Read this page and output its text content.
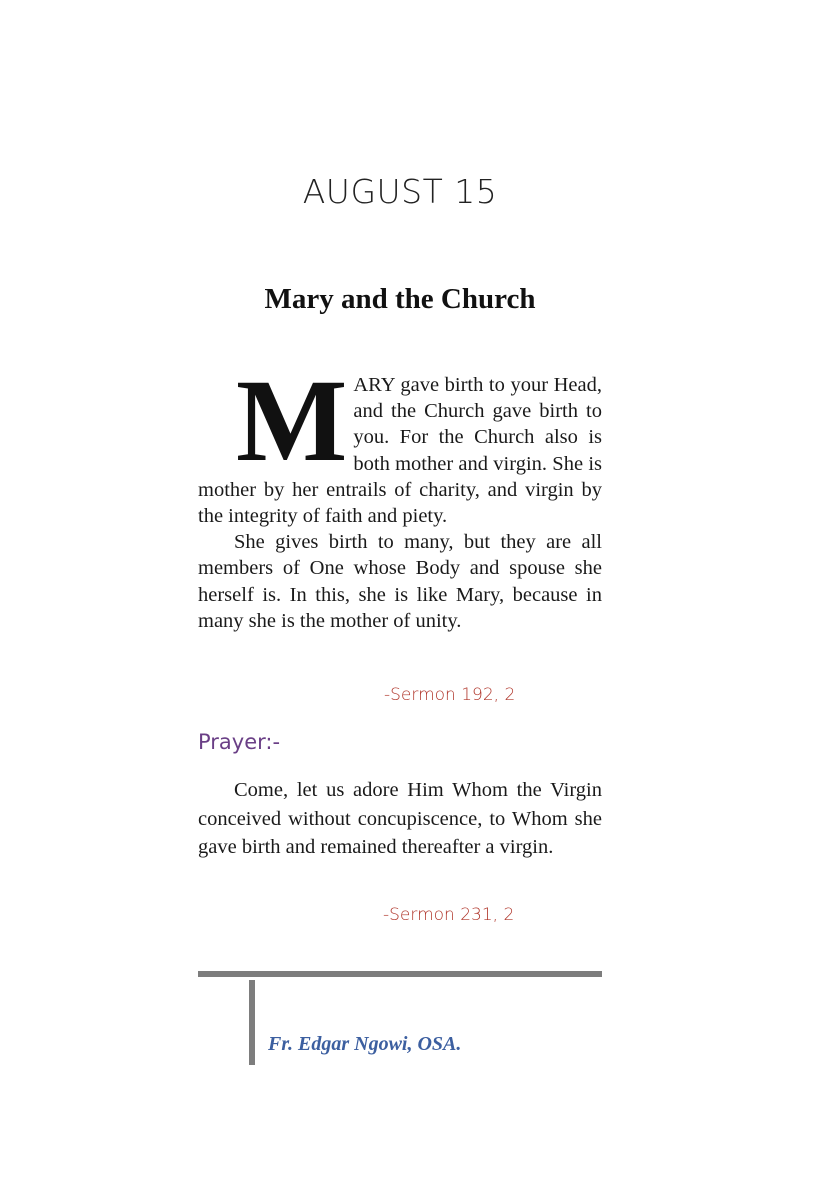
AUGUST 15
Mary and the Church

MARY gave birth to your Head, and the Church gave birth to you. For the Church also is both mother and virgin. She is mother by her entrails of charity, and virgin by the integrity of faith and piety.

She gives birth to many, but they are all members of One whose Body and spouse she herself is. In this, she is like Mary, because in many she is the mother of unity.

-Sermon 192, 2
Prayer:-

Come, let us adore Him Whom the Virgin conceived without concupiscence, to Whom she gave birth and remained thereafter a virgin.

-Sermon 231, 2
Fr. Edgar Ngowi, OSA.
